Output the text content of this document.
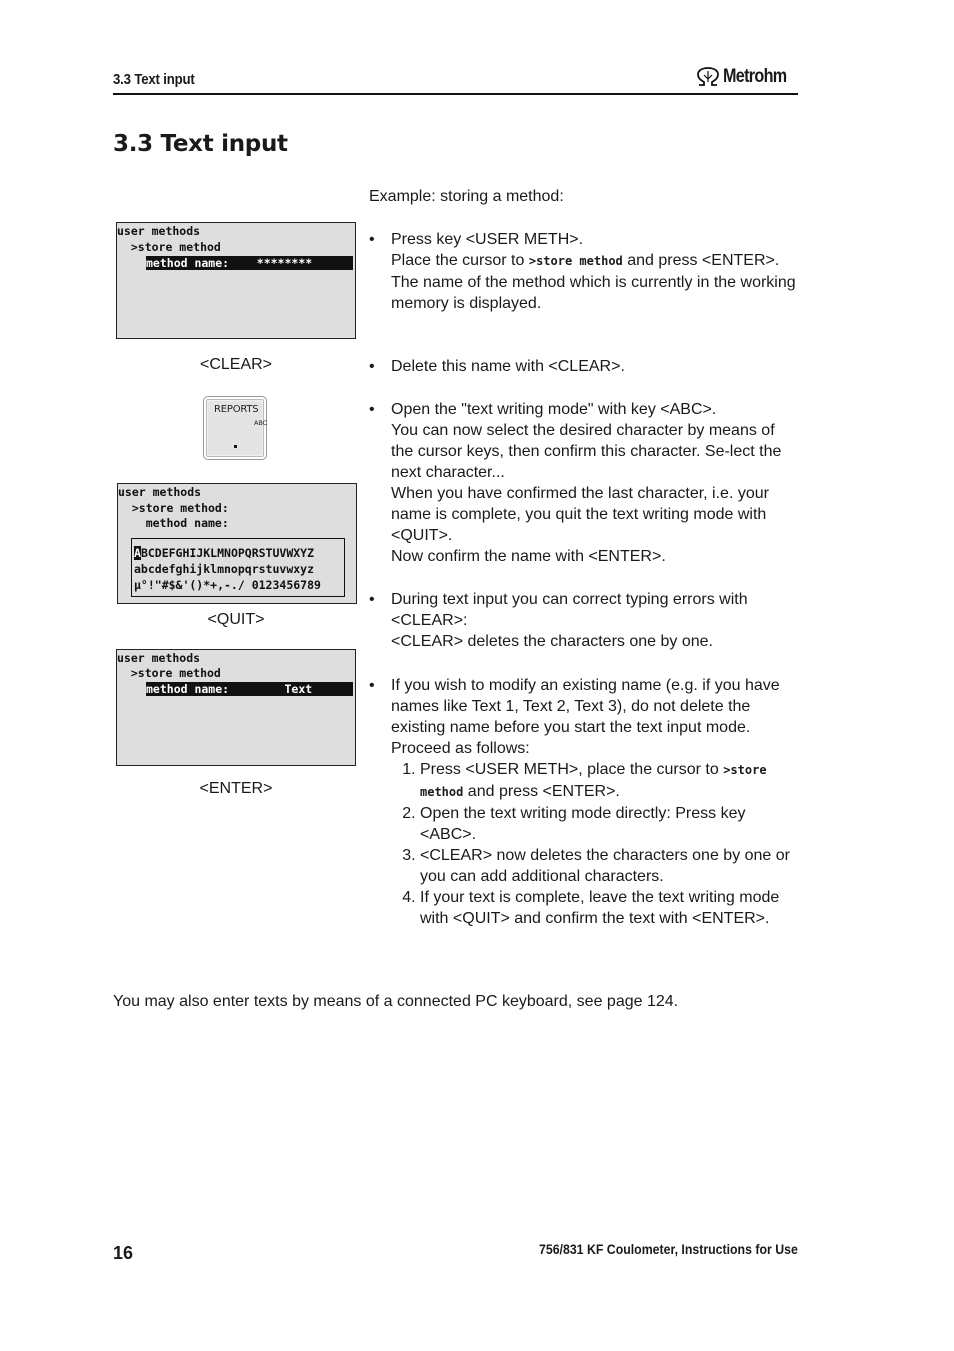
3.3 Text input	Metrohm
3.3 Text input
user methods
>store method
method name:    ********
<CLEAR>
REPORTS
ABC
user methods
>store method:
method name:
ABCDEFGHIJKLMNOPQRSTUVWXYZ
abcdefghijklmnopqrstuvwxyz
µ°!"#$&'()*+,-./ 0123456789
<QUIT>
user methods
>store method
method name:        Text
<ENTER>
Example: storing a method:
• Press key <USER METH>.

Place the cursor to >store method and press <ENTER>.

The name of the method which is currently in the working memory is displayed.

• Delete this name with <CLEAR>.

• Open the "text writing mode" with key <ABC>.

You can now select the desired character by means of the cursor keys, then confirm this character. Se-lect the next character...

When you have confirmed the last character, i.e. your name is complete, you quit the text writing mode with <QUIT>.

Now confirm the name with <ENTER>.

• During text input you can correct typing errors with <CLEAR>:

<CLEAR> deletes the characters one by one.

• If you wish to modify an existing name (e.g. if you have names like Text 1, Text 2, Text 3), do not delete the existing name before you start the text input mode. Proceed as follows:

1. Press <USER METH>, place the cursor to >store method and press <ENTER>.
2. Open the text writing mode directly: Press key <ABC>.
3. <CLEAR> now deletes the characters one by one or you can add additional characters.
4. If your text is complete, leave the text writing mode with <QUIT> and confirm the text with <ENTER>.
You may also enter texts by means of a connected PC keyboard, see page 124.
16	756/831 KF Coulometer, Instructions for Use
